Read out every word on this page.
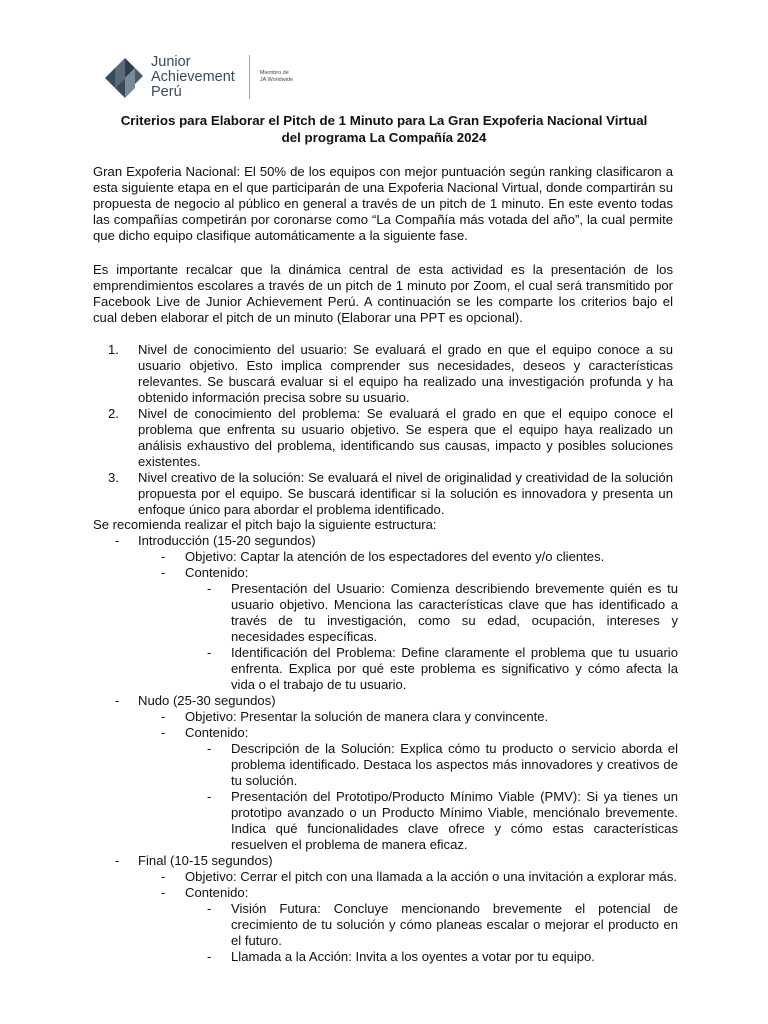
Junior
Achievement
Perú
Miembro de
JA Worldwide
Criterios para Elaborar el Pitch de 1 Minuto para La Gran Expoferia Nacional Virtual
del programa La Compañía 2024
Gran Expoferia Nacional: El 50% de los equipos con mejor puntuación según ranking clasificaron a esta siguiente etapa en el que participarán de una Expoferia Nacional Virtual, donde compartirán su propuesta de negocio al público en general a través de un pitch de 1 minuto. En este evento todas las compañías competirán por coronarse como “La Compañía más votada del año”, la cual permite que dicho equipo clasifique automáticamente a la siguiente fase.
Es importante recalcar que la dinámica central de esta actividad es la presentación de los emprendimientos escolares a través de un pitch de 1 minuto por Zoom, el cual será transmitido por Facebook Live de Junior Achievement Perú. A continuación se les comparte los criterios bajo el cual deben elaborar el pitch de un minuto (Elaborar una PPT es opcional).
1. Nivel de conocimiento del usuario: Se evaluará el grado en que el equipo conoce a su usuario objetivo. Esto implica comprender sus necesidades, deseos y características relevantes. Se buscará evaluar si el equipo ha realizado una investigación profunda y ha obtenido información precisa sobre su usuario.
2. Nivel de conocimiento del problema: Se evaluará el grado en que el equipo conoce el problema que enfrenta su usuario objetivo. Se espera que el equipo haya realizado un análisis exhaustivo del problema, identificando sus causas, impacto y posibles soluciones existentes.
3. Nivel creativo de la solución: Se evaluará el nivel de originalidad y creatividad de la solución propuesta por el equipo. Se buscará identificar si la solución es innovadora y presenta un enfoque único para abordar el problema identificado.
Se recomienda realizar el pitch bajo la siguiente estructura:
- Introducción (15-20 segundos)
- Objetivo: Captar la atención de los espectadores del evento y/o clientes.
- Contenido:
- Presentación del Usuario: Comienza describiendo brevemente quién es tu usuario objetivo. Menciona las características clave que has identificado a través de tu investigación, como su edad, ocupación, intereses y necesidades específicas.
- Identificación del Problema: Define claramente el problema que tu usuario enfrenta. Explica por qué este problema es significativo y cómo afecta la vida o el trabajo de tu usuario.
- Nudo (25-30 segundos)
- Objetivo: Presentar la solución de manera clara y convincente.
- Contenido:
- Descripción de la Solución: Explica cómo tu producto o servicio aborda el problema identificado. Destaca los aspectos más innovadores y creativos de tu solución.
- Presentación del Prototipo/Producto Mínimo Viable (PMV): Si ya tienes un prototipo avanzado o un Producto Mínimo Viable, menciónalo brevemente. Indica qué funcionalidades clave ofrece y cómo estas características resuelven el problema de manera eficaz.
- Final (10-15 segundos)
- Objetivo: Cerrar el pitch con una llamada a la acción o una invitación a explorar más.
- Contenido:
- Visión Futura: Concluye mencionando brevemente el potencial de crecimiento de tu solución y cómo planeas escalar o mejorar el producto en el futuro.
- Llamada a la Acción: Invita a los oyentes a votar por tu equipo.
